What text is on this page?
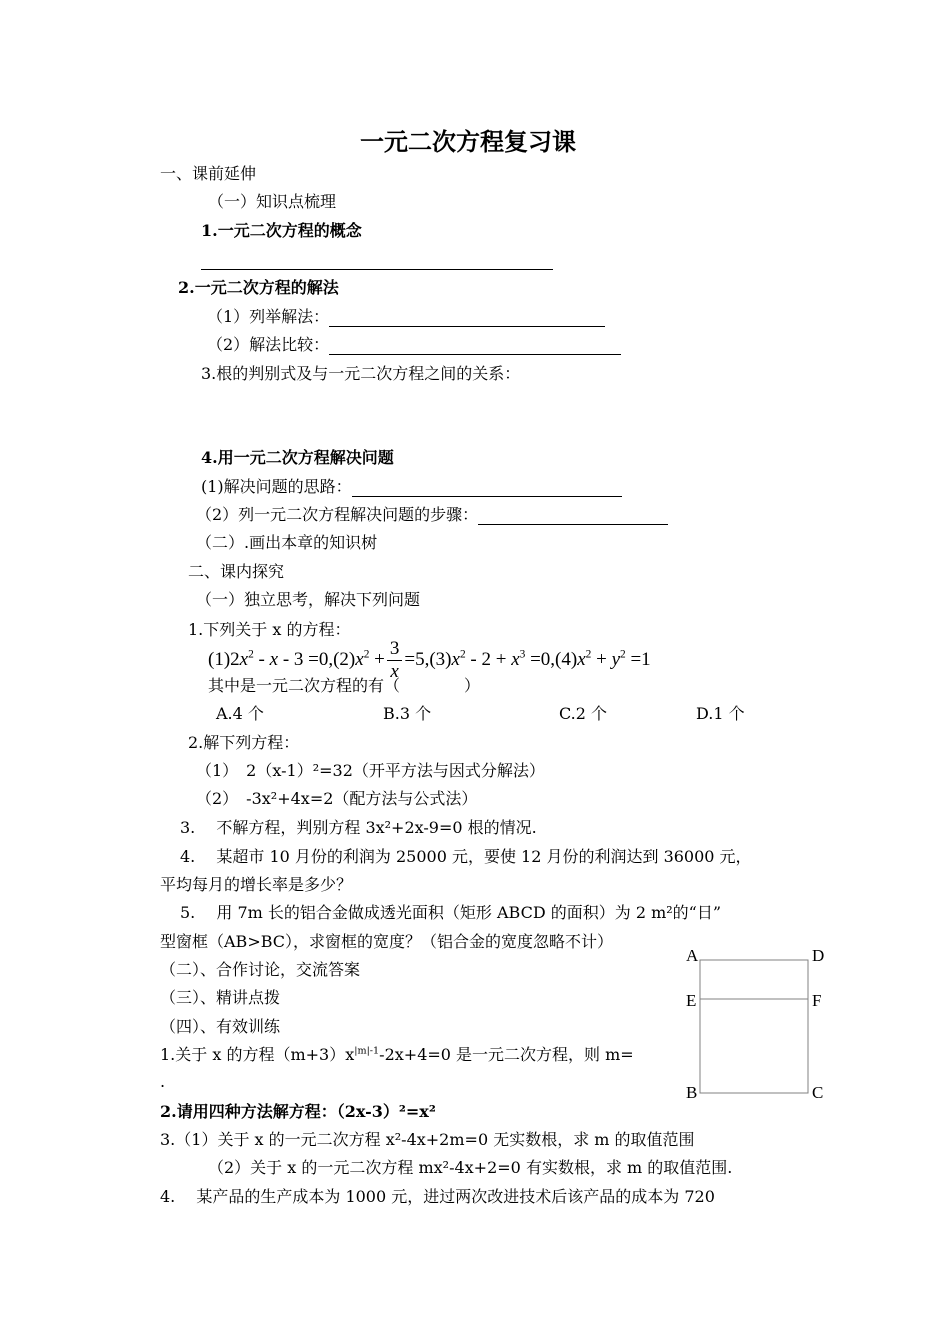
一元二次方程复习课
一、课前延伸
（一）知识点梳理
1.一元二次方程的概念
2.一元二次方程的解法
（1）列举解法：
（2）解法比较：
3.根的判别式及与一元二次方程之间的关系：
4.用一元二次方程解决问题
(1)解决问题的思路：
（2）列一元二次方程解决问题的步骤：
（二）.画出本章的知识树
二、课内探究
（一）独立思考，解决下列问题
1.下列关于 x 的方程：
$(1)2x^2 - x - 3 =0,(2)x^2 + \frac{3}{x} =5,(3)x^2 - 2 + x^3 =0,(4)x^2 + y^2 =1$
其中是一元二次方程的有（　　　　）
A.4 个	B.3 个	C.2 个	D.1 个
2.解下列方程：
（1）　2（x-1）²=32（开平方法与因式分解法）
（2）　-3x²+4x=2（配方法与公式法）
3.　 不解方程，判别方程 3x²+2x-9=0 根的情况.
4.　 某超市 10 月份的利润为 25000 元，要使 12 月份的利润达到 36000 元，
平均每月的增长率是多少？
5.　 用 7m 长的铝合金做成透光面积（矩形 ABCD 的面积）为 2 m²的“日”
型窗框（AB>BC），求窗框的宽度？（铝合金的宽度忽略不计）
（二）、合作讨论，交流答案
（三）、精讲点拨
（四）、有效训练
1.关于 x 的方程$(m+3)x^{|m|-1}-2x+4=0$ 是一元二次方程，则 m=
.
2.请用四种方法解方程：（2x-3）²=x²
3.（1）关于 x 的一元二次方程 x²-4x+2m=0 无实数根，求 m 的取值范围
（2）关于 x 的一元二次方程 mx²-4x+2=0 有实数根，求 m 的取值范围.
4.　 某产品的生产成本为 1000 元，进过两次改进技术后该产品的成本为 720
A	D
E	F
B	C
